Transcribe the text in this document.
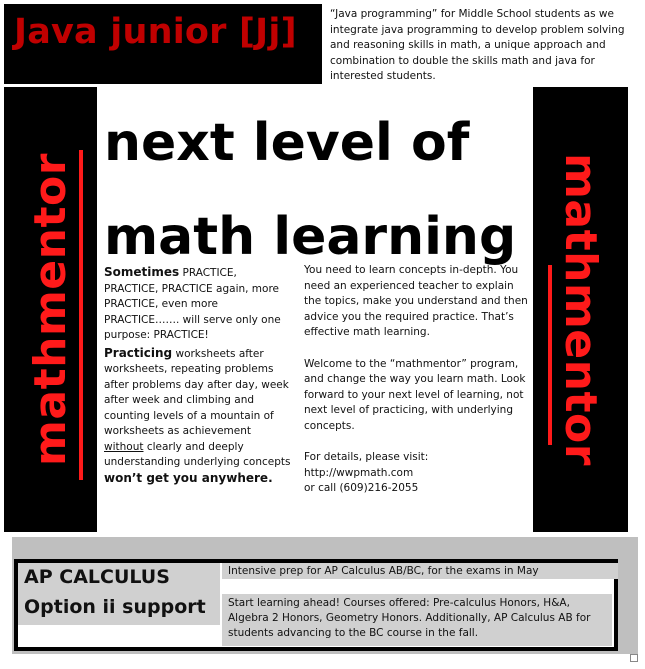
Java junior [Jj]	“Java programming” for Middle School students as we integrate java programming to develop problem solving and reasoning skills in math, a unique approach and combination to double the skills math and java for interested students.
mathmentor	mathmentor
next level of
math learning

Sometimes PRACTICE, PRACTICE, PRACTICE again, more PRACTICE, even more PRACTICE……. will serve only one purpose: PRACTICE!

Practicing worksheets after worksheets, repeating problems after problems day after day, week after week and climbing and counting levels of a mountain of worksheets as achievement without clearly and deeply understanding underlying concepts won’t get you anywhere.

You need to learn concepts in-depth. You need an experienced teacher to explain the topics, make you understand and then advice you the required practice. That’s effective math learning.

Welcome to the “mathmentor” program, and change the way you learn math. Look forward to your next level of learning, not next level of practicing, with underlying concepts.

For details, please visit:

http://wwpmath.com

or call (609)216-2055

AP CALCULUS
Option ii support
Intensive prep for AP Calculus AB/BC, for the exams in May
Start learning ahead! Courses offered: Pre-calculus Honors, H&A, Algebra 2 Honors, Geometry Honors. Additionally, AP Calculus AB for students advancing to the BC course in the fall.
